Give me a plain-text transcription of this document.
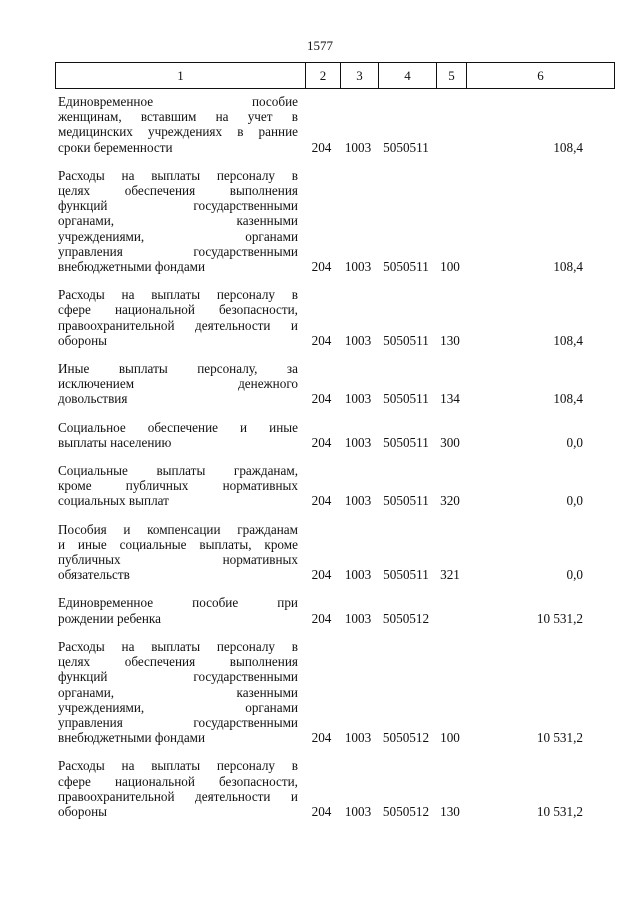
1577
1	2	3	4	5	6
Единовременное	пособие
женщинам, вставшим на учет в
медицинских учреждениях в ранние
сроки беременности	204	1003 5050511	108,4
Расходы на выплаты персоналу в
целях	обеспечения	выполнения
функций	государственными
органами,	казенными
учреждениями,	органами
управления	государственными
внебюджетными фондами	204	1003 5050511 100	108,4
Расходы на выплаты персоналу в
сфере национальной безопасности,
правоохранительной деятельности и
обороны	204	1003 5050511 130	108,4
Иные выплаты персоналу, за
исключением	денежного
довольствия	204	1003 5050511 134	108,4
Социальное обеспечение и иные
выплаты населению	204	1003 5050511 300	0,0
Социальные выплаты гражданам,
кроме	публичных	нормативных
социальных выплат	204	1003 5050511 320	0,0
Пособия и компенсации гражданам
и иные социальные выплаты, кроме
публичных	нормативных
обязательств	204	1003 5050511 321	0,0
Единовременное	пособие	при
рождении ребенка	204	1003 5050512	10 531,2
Расходы на выплаты персоналу в
целях	обеспечения	выполнения
функций	государственными
органами,	казенными
учреждениями,	органами
управления	государственными
внебюджетными фондами	204	1003 5050512 100	10 531,2
Расходы на выплаты персоналу в
сфере национальной безопасности,
правоохранительной деятельности и
обороны	204	1003 5050512 130	10 531,2
